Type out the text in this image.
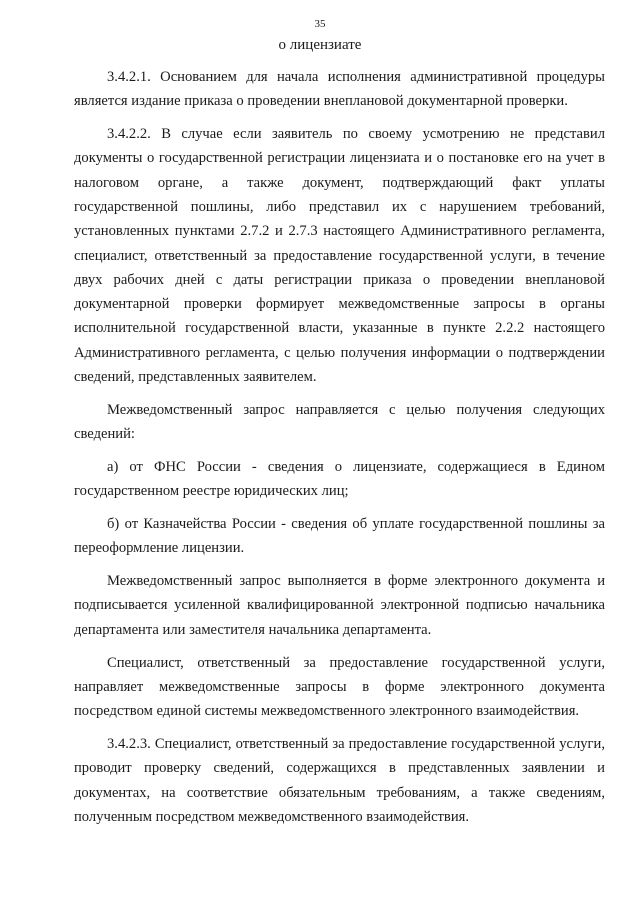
35
о лицензиате

3.4.2.1. Основанием для начала исполнения административной процедуры является издание приказа о проведении внеплановой документарной проверки.

3.4.2.2. В случае если заявитель по своему усмотрению не представил документы о государственной регистрации лицензиата и о постановке его на учет в налоговом органе, а также документ, подтверждающий факт уплаты государственной пошлины, либо представил их с нарушением требований, установленных пунктами 2.7.2 и 2.7.3 настоящего Административного регламента, специалист, ответственный за предоставление государственной услуги, в течение двух рабочих дней с даты регистрации приказа о проведении внеплановой документарной проверки формирует межведомственные запросы в органы исполнительной государственной власти, указанные в пункте 2.2.2 настоящего Административного регламента, с целью получения информации о подтверждении сведений, представленных заявителем.

Межведомственный запрос направляется с целью получения следующих сведений:

а) от ФНС России - сведения о лицензиате, содержащиеся в Едином государственном реестре юридических лиц;

б) от Казначейства России - сведения об уплате государственной пошлины за переоформление лицензии.

Межведомственный запрос выполняется в форме электронного документа и подписывается усиленной квалифицированной электронной подписью начальника департамента или заместителя начальника департамента.

Специалист, ответственный за предоставление государственной услуги, направляет межведомственные запросы в форме электронного документа посредством единой системы межведомственного электронного взаимодействия.

3.4.2.3. Специалист, ответственный за предоставление государственной услуги, проводит проверку сведений, содержащихся в представленных заявлении и документах, на соответствие обязательным требованиям, а также сведениям, полученным посредством межведомственного взаимодействия.
